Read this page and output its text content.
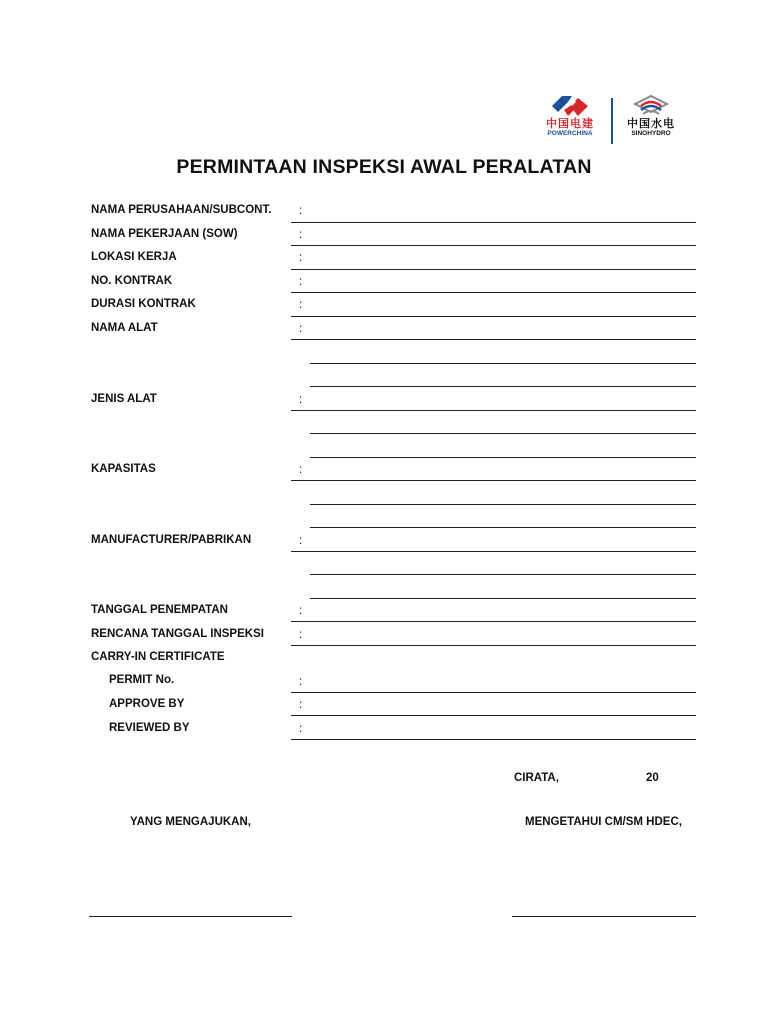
中国电建
POWERCHINA
中国水电
SINOHYDRO
PERMINTAAN INSPEKSI AWAL PERALATAN
NAMA PERUSAHAAN/SUBCONT.
NAMA PEKERJAAN (SOW)
LOKASI KERJA
NO. KONTRAK
DURASI KONTRAK
NAMA ALAT
JENIS ALAT
KAPASITAS
MANUFACTURER/PABRIKAN
TANGGAL PENEMPATAN
RENCANA TANGGAL INSPEKSI
CARRY-IN CERTIFICATE
PERMIT No.
APPROVE BY
REVIEWED BY
:
:
:
:
:
:
:
:
:
:
:
:
:
:
CIRATA,	20
YANG MENGAJUKAN,	MENGETAHUI CM/SM HDEC,
